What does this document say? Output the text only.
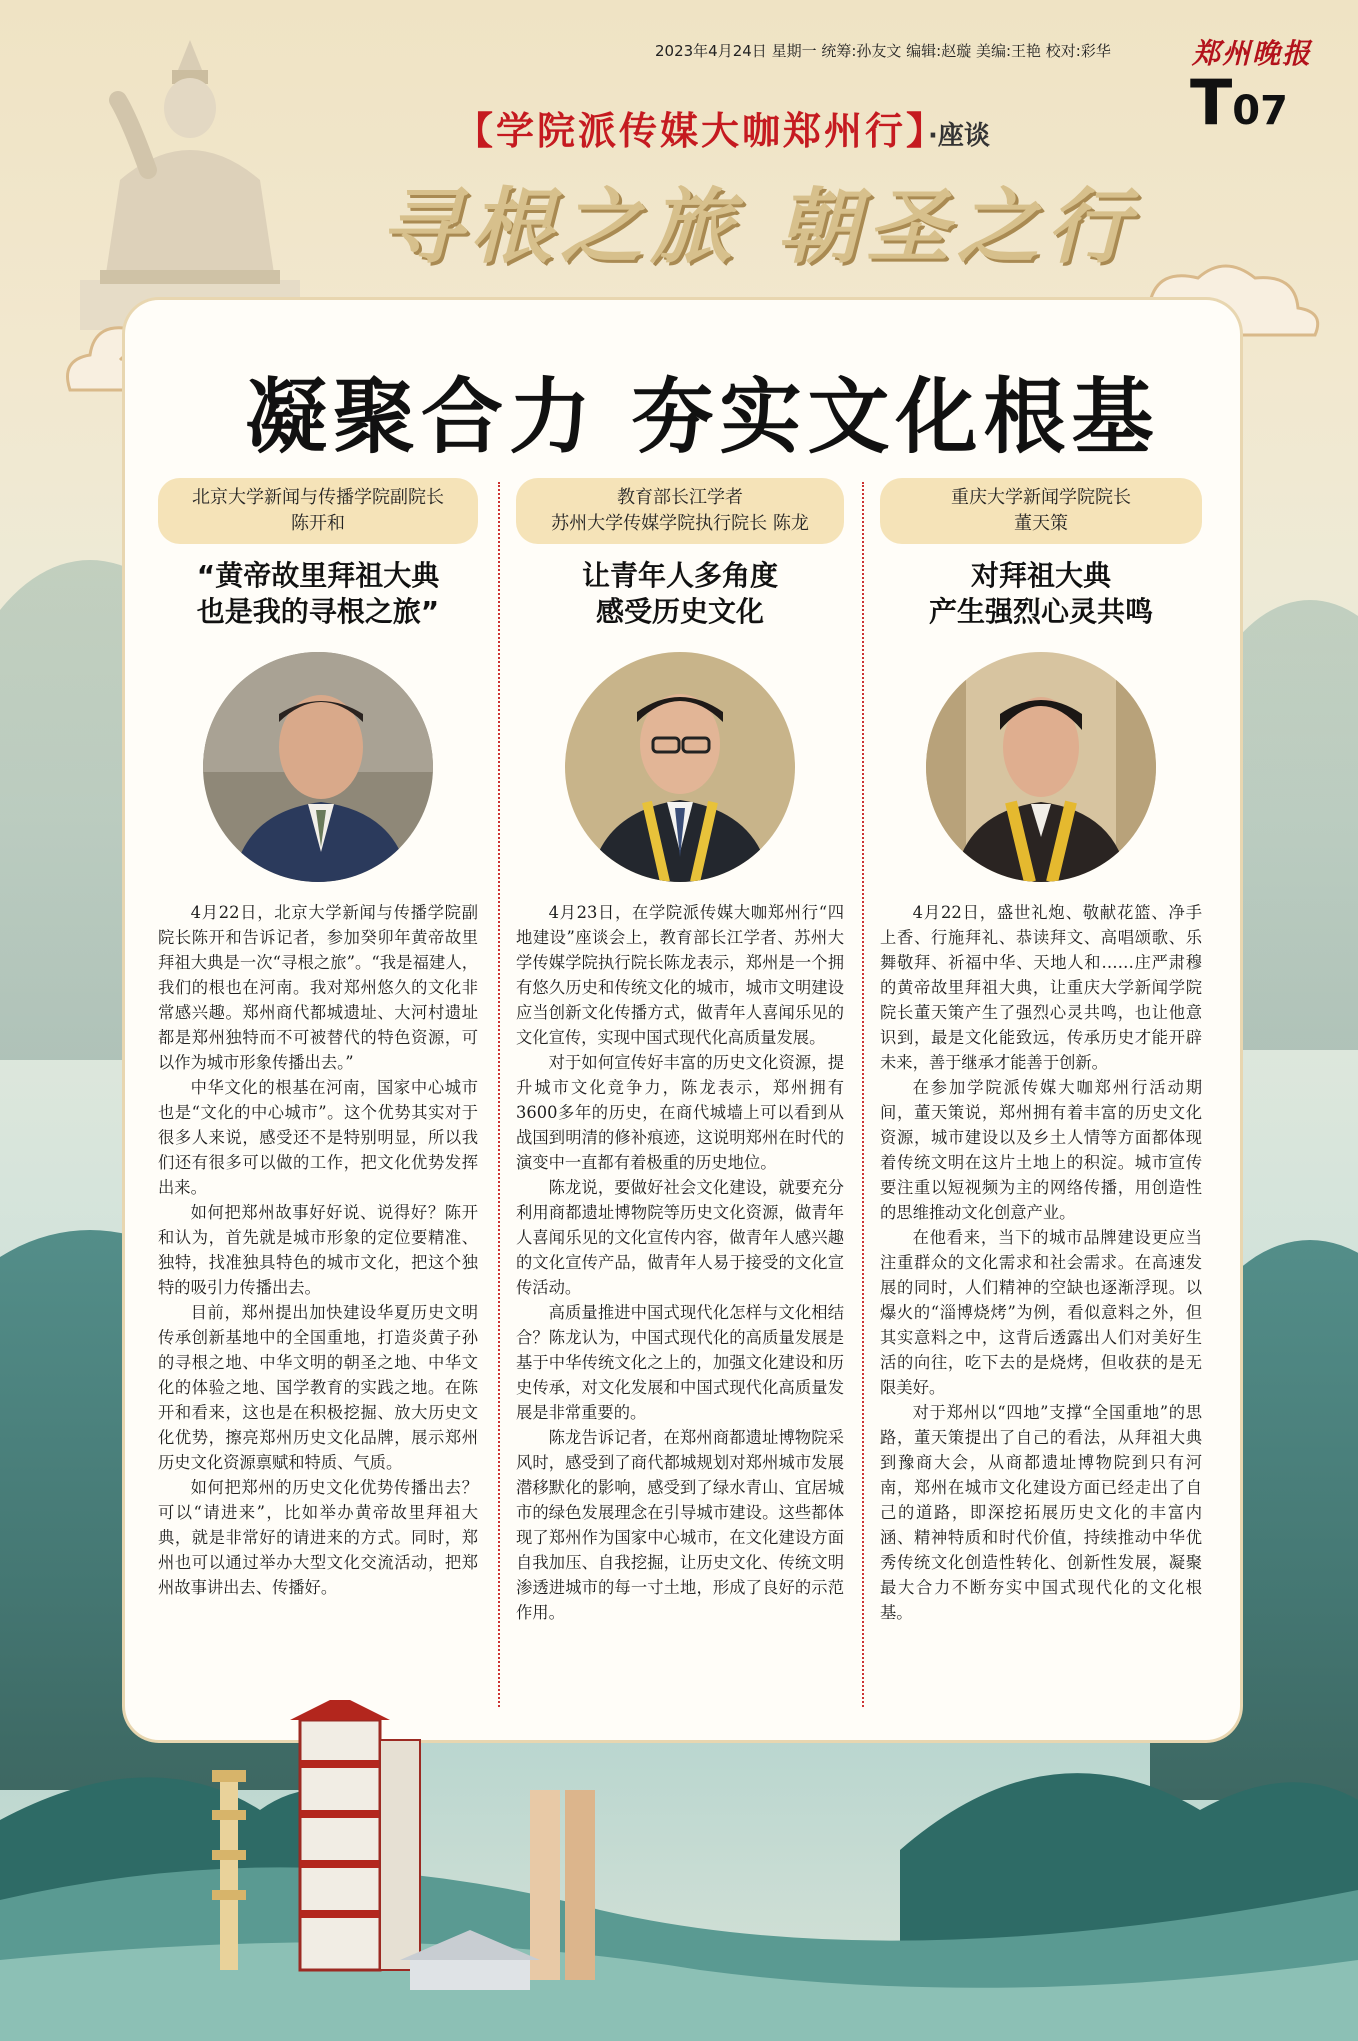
2023年4月24日 星期一 统筹:孙友文 编辑:赵璇 美编:王艳 校对:彩华	郑州晚报
T07
【学院派传媒大咖郑州行】·座谈
寻根之旅 朝圣之行
凝聚合力 夯实文化根基
北京大学新闻与传播学院副院长
陈开和
“黄帝故里拜祖大典
也是我的寻根之旅”

4月22日，北京大学新闻与传播学院副院长陈开和告诉记者，参加癸卯年黄帝故里拜祖大典是一次“寻根之旅”。“我是福建人，我们的根也在河南。我对郑州悠久的文化非常感兴趣。郑州商代都城遗址、大河村遗址都是郑州独特而不可被替代的特色资源，可以作为城市形象传播出去。”

中华文化的根基在河南，国家中心城市也是“文化的中心城市”。这个优势其实对于很多人来说，感受还不是特别明显，所以我们还有很多可以做的工作，把文化优势发挥出来。

如何把郑州故事好好说、说得好？陈开和认为，首先就是城市形象的定位要精准、独特，找准独具特色的城市文化，把这个独特的吸引力传播出去。

目前，郑州提出加快建设华夏历史文明传承创新基地中的全国重地，打造炎黄子孙的寻根之地、中华文明的朝圣之地、中华文化的体验之地、国学教育的实践之地。在陈开和看来，这也是在积极挖掘、放大历史文化优势，擦亮郑州历史文化品牌，展示郑州历史文化资源禀赋和特质、气质。

如何把郑州的历史文化优势传播出去？可以“请进来”，比如举办黄帝故里拜祖大典，就是非常好的请进来的方式。同时，郑州也可以通过举办大型文化交流活动，把郑州故事讲出去、传播好。

教育部长江学者
苏州大学传媒学院执行院长 陈龙
让青年人多角度
感受历史文化

4月23日，在学院派传媒大咖郑州行“四地建设”座谈会上，教育部长江学者、苏州大学传媒学院执行院长陈龙表示，郑州是一个拥有悠久历史和传统文化的城市，城市文明建设应当创新文化传播方式，做青年人喜闻乐见的文化宣传，实现中国式现代化高质量发展。

对于如何宣传好丰富的历史文化资源，提升城市文化竞争力，陈龙表示，郑州拥有3600多年的历史，在商代城墙上可以看到从战国到明清的修补痕迹，这说明郑州在时代的演变中一直都有着极重的历史地位。

陈龙说，要做好社会文化建设，就要充分利用商都遗址博物院等历史文化资源，做青年人喜闻乐见的文化宣传内容，做青年人感兴趣的文化宣传产品，做青年人易于接受的文化宣传活动。

高质量推进中国式现代化怎样与文化相结合？陈龙认为，中国式现代化的高质量发展是基于中华传统文化之上的，加强文化建设和历史传承，对文化发展和中国式现代化高质量发展是非常重要的。

陈龙告诉记者，在郑州商都遗址博物院采风时，感受到了商代都城规划对郑州城市发展潜移默化的影响，感受到了绿水青山、宜居城市的绿色发展理念在引导城市建设。这些都体现了郑州作为国家中心城市，在文化建设方面自我加压、自我挖掘，让历史文化、传统文明渗透进城市的每一寸土地，形成了良好的示范作用。

重庆大学新闻学院院长
董天策
对拜祖大典
产生强烈心灵共鸣

4月22日，盛世礼炮、敬献花篮、净手上香、行施拜礼、恭读拜文、高唱颂歌、乐舞敬拜、祈福中华、天地人和……庄严肃穆的黄帝故里拜祖大典，让重庆大学新闻学院院长董天策产生了强烈心灵共鸣，也让他意识到，最是文化能致远，传承历史才能开辟未来，善于继承才能善于创新。

在参加学院派传媒大咖郑州行活动期间，董天策说，郑州拥有着丰富的历史文化资源，城市建设以及乡土人情等方面都体现着传统文明在这片土地上的积淀。城市宣传要注重以短视频为主的网络传播，用创造性的思维推动文化创意产业。

在他看来，当下的城市品牌建设更应当注重群众的文化需求和社会需求。在高速发展的同时，人们精神的空缺也逐渐浮现。以爆火的“淄博烧烤”为例，看似意料之外，但其实意料之中，这背后透露出人们对美好生活的向往，吃下去的是烧烤，但收获的是无限美好。

对于郑州以“四地”支撑“全国重地”的思路，董天策提出了自己的看法，从拜祖大典到豫商大会，从商都遗址博物院到只有河南，郑州在城市文化建设方面已经走出了自己的道路，即深挖拓展历史文化的丰富内涵、精神特质和时代价值，持续推动中华优秀传统文化创造性转化、创新性发展，凝聚最大合力不断夯实中国式现代化的文化根基。
